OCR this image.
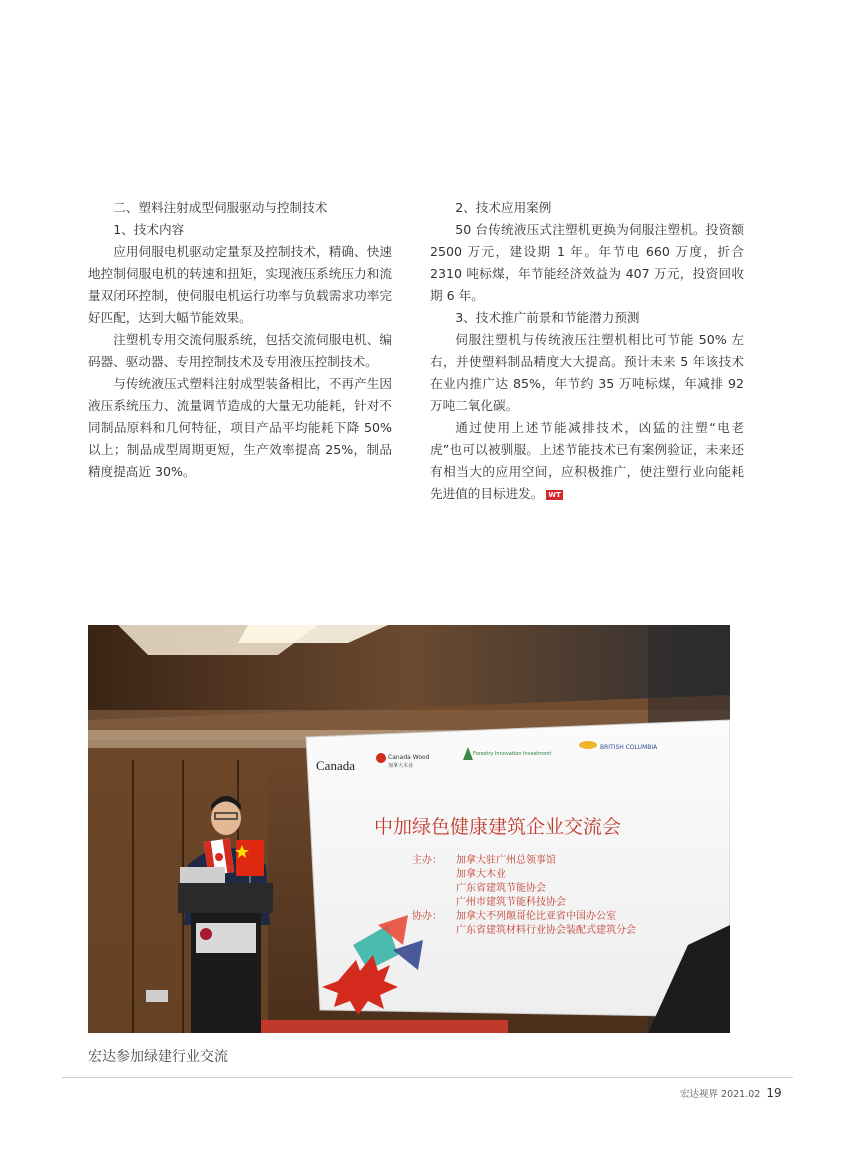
二、塑料注射成型伺服驱动与控制技术

1、技术内容

应用伺服电机驱动定量泵及控制技术，精确、快速地控制伺服电机的转速和扭矩，实现液压系统压力和流量双闭环控制，使伺服电机运行功率与负载需求功率完好匹配，达到大幅节能效果。

注塑机专用交流伺服系统，包括交流伺服电机、编码器、驱动器、专用控制技术及专用液压控制技术。

与传统液压式塑料注射成型装备相比，不再产生因液压系统压力、流量调节造成的大量无功能耗，针对不同制品原料和几何特征，项目产品平均能耗下降 50% 以上；制品成型周期更短，生产效率提高 25%，制品精度提高近 30%。

2、技术应用案例

50 台传统液压式注塑机更换为伺服注塑机。投资额 2500 万元，建设期 1 年。年节电 660 万度，折合 2310 吨标煤，年节能经济效益为 407 万元，投资回收期 6 年。

3、技术推广前景和节能潜力预测

伺服注塑机与传统液压注塑机相比可节能 50% 左右，并使塑料制品精度大大提高。预计未来 5 年该技术在业内推广达 85%，年节约 35 万吨标煤，年减排 92 万吨二氧化碳。

通过使用上述节能减排技术，凶猛的注塑“电老虎”也可以被驯服。上述节能技术已有案例验证，未来还有相当大的应用空间，应积极推广，使注塑行业向能耗先进值的目标进发。 WT

Canada
Canada Wood
加拿大木业
Forestry Innovation Investment
BRITISH COLUMBIA
中加绿色健康建筑企业交流会
主办： 加拿大驻广州总领事馆
加拿大木业
广东省建筑节能协会
广州市建筑节能科技协会
协办： 加拿大不列颠哥伦比亚省中国办公室
广东省建筑材料行业协会装配式建筑分会
宏达参加绿建行业交流
宏达视界 2021.02 19
